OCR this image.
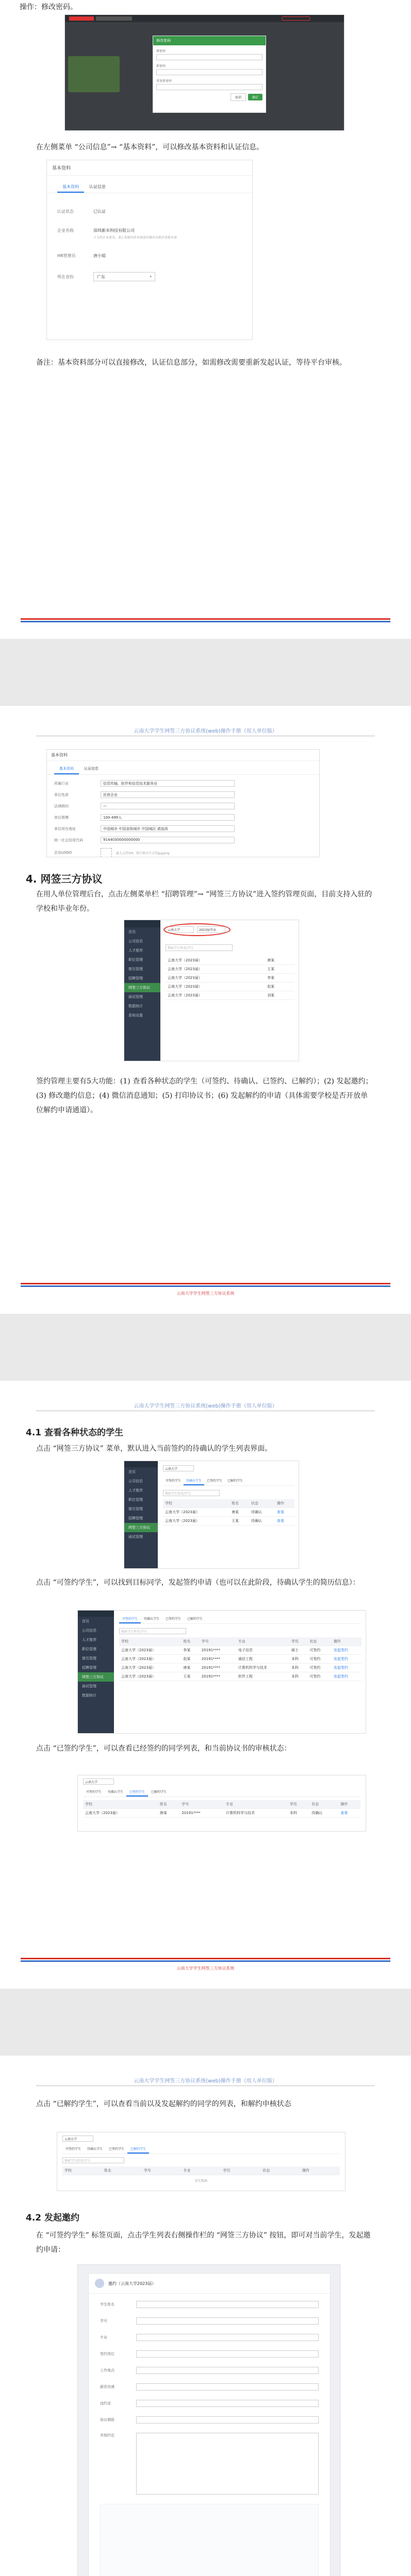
操作：修改密码。
修改密码
原密码
新密码
重复新密码
取消	确定
在左侧菜单 “公司信息”→ “基本资料”，可以修改基本资料和认证信息。
基本资料
基本资料	认证信息
认证状态	已认证
企业名称	深圳新米科技有限公司
于支持企业更名，请上传新的营业执照后修改名称并重新申请
HR管理员	唐小姐
所在省份	广东	▾
备注：基本资料部分可以直接修改，认证信息部分，如需修改需要重新发起认证，等待平台审核。
云南大学学生网签三方协议系统(web)操作手册（用人单位版）
基本资料
基本资料	认证信息
所属行业	信息传输、软件和信息技术服务业
单位性质	民营企业
法律顾问	—
单位规模	100-499人
单位所在地址	中国城市 中国省级城市 中国城区 请选择
统一社会信用代码	9144030000000000
企业LOGO	最大支持5M，图片格式只支持jpg/png
4. 网签三方协议
在用人单位管理后台，点击左侧菜单栏 “招聘管理”→ “网签三方协议”进入签约管理页面，目前支持入驻的学校和毕业年份。
首页
公司信息
人才推荐
职位管理
简历管理
招聘管理
网签三方协议
面试管理
数据统计
系统设置
云南大学	2023届毕业
搜索学生姓名/学号
云南大学（2023届）	唐某
云南大学（2023届）	王某
云南大学（2023届）	李某
云南大学（2023届）	赵某
云南大学（2023届）	刘某
签约管理主要有5大功能：(1) 查看各种状态的学生（可签约、待确认、已签约、已解约）；(2) 发起邀约；(3) 修改邀约信息；(4) 微信消息通知；(5) 打印协议书；(6) 发起解约的申请（具体需要学校是否开放单位解约申请通道）。
云南大学学生网签三方协议系统
云南大学学生网签三方协议系统(web)操作手册（用人单位版）
4.1 查看各种状态的学生
点击 “网签三方协议” 菜单，默认进入当前签约的待确认的学生列表界面。
首页
公司信息
人才推荐
职位管理
简历管理
招聘管理
网签三方协议
面试管理
云南大学
可签约学生	待确认学生	已签约学生	已解约学生
搜索学生姓名/学号
学校	姓名	状态	操作
云南大学（2023届）	唐某	待确认	查看
云南大学（2023届）	王某	待确认	查看
点击 “可签约学生”，可以找到目标同学，发起签约申请（也可以在此阶段，待确认学生的简历信息）：
首页
公司信息
人才推荐
职位管理
简历管理
招聘管理
网签三方协议
面试管理
数据统计
可签约学生	待确认学生	已签约学生	已解约学生
搜索学生姓名/学号
学校	姓名	学号	专业	学历	状态	操作
云南大学（2023届）	李某	20191****	电子信息	硕士	可签约	发起签约
云南大学（2023届）	赵某	20191****	通信工程	本科	可签约	发起签约
云南大学（2023届）	唐某	20191****	计算机科学与技术	本科	可签约	发起签约
云南大学（2023届）	王某	20191****	软件工程	本科	可签约	发起签约
点击 “已签约学生”，可以查看已经签约的同学列表，和当前协议书的审核状态：
云南大学
可签约学生	待确认学生	已签约学生	已解约学生
学校	姓名	学号	专业	学历	状态	操作
云南大学（2023届）	唐某	20191****	计算机科学与技术	本科	待确认	查看
云南大学学生网签三方协议系统
云南大学学生网签三方协议系统(web)操作手册（用人单位版）
点击 “已解约学生”，可以查看当前以及发起解约的同学的列表，和解约申核状态
云南大学
可签约学生	待确认学生	已签约学生	已解约学生
搜索学生姓名/学号
学校	姓名	学号	专业	学历	状态	操作
暂无数据
4.2 发起邀约
在 “可签约学生” 标签页面，点击学生列表右侧操作栏的 “网签三方协议” 按钮，即可对当前学生，发起邀约申请：
邀约（云南大学2023届）
学生姓名
学号
专业
签约岗位
工作地点
薪资待遇
违约金
协议期限
其他约定
